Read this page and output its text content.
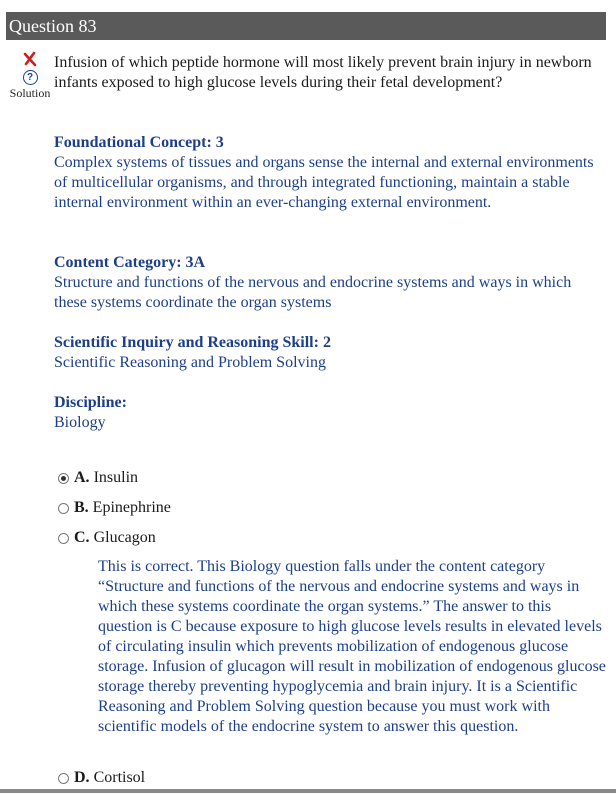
Question 83
?
Solution
Infusion of which peptide hormone will most likely prevent brain injury in newborn infants exposed to high glucose levels during their fetal development?
Foundational Concept: 3
Complex systems of tissues and organs sense the internal and external environments of multicellular organisms, and through integrated functioning, maintain a stable internal environment within an ever-changing external environment.
Content Category: 3A
Structure and functions of the nervous and endocrine systems and ways in which these systems coordinate the organ systems
Scientific Inquiry and Reasoning Skill: 2
Scientific Reasoning and Problem Solving
Discipline:
Biology
A. Insulin
B. Epinephrine
C. Glucagon
This is correct. This Biology question falls under the content category “Structure and functions of the nervous and endocrine systems and ways in which these systems coordinate the organ systems.” The answer to this question is C because exposure to high glucose levels results in elevated levels of circulating insulin which prevents mobilization of endogenous glucose storage. Infusion of glucagon will result in mobilization of endogenous glucose storage thereby preventing hypoglycemia and brain injury. It is a Scientific Reasoning and Problem Solving question because you must work with scientific models of the endocrine system to answer this question.
D. Cortisol
